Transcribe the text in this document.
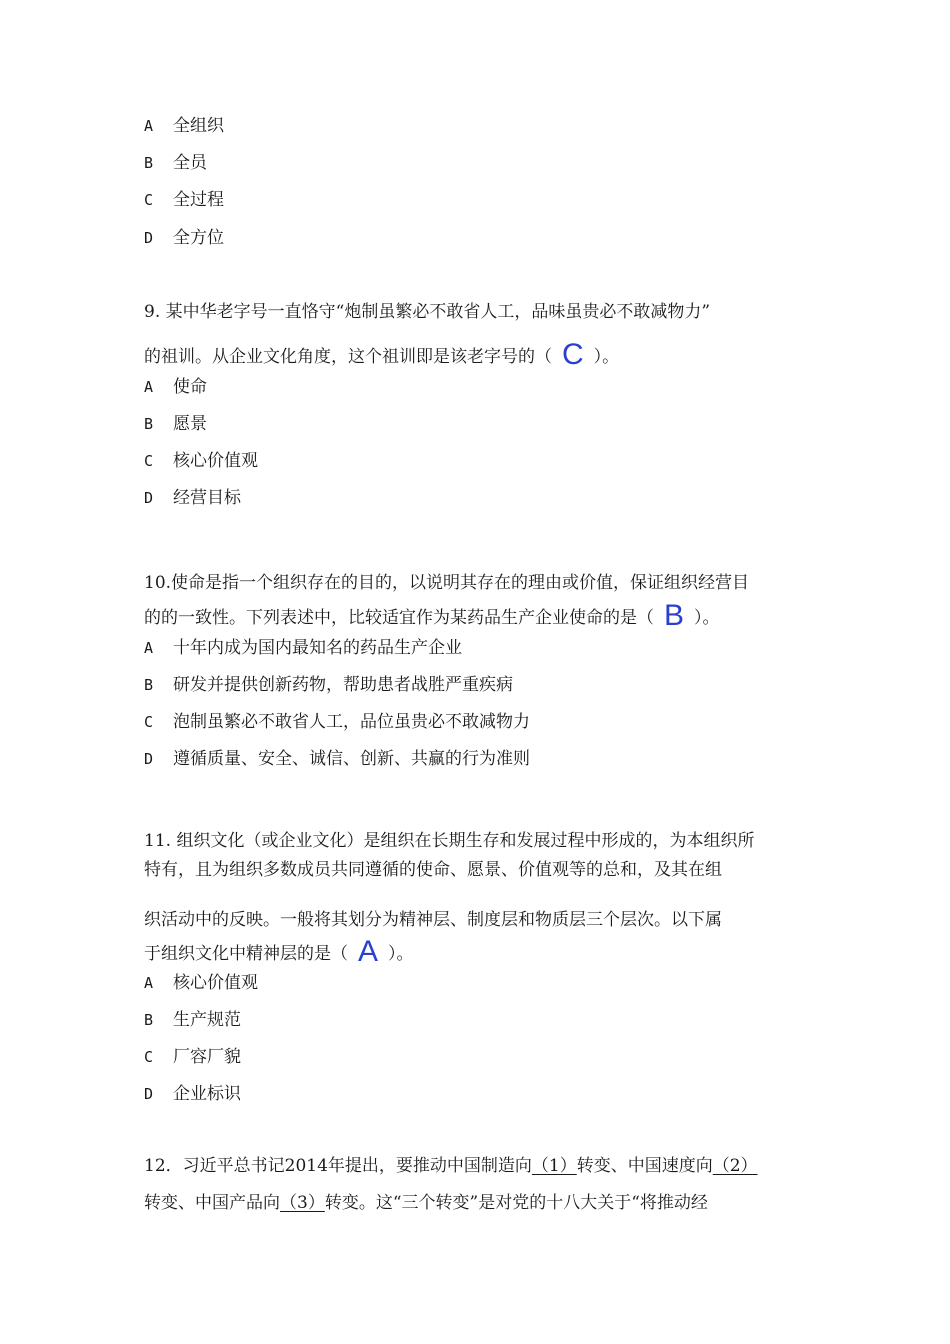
A 全组织
B 全员
C 全过程
D 全方位
9. 某中华老字号一直恪守“炮制虽繁必不敢省人工，品味虽贵必不敢减物力”
的祖训。从企业文化角度，这个祖训即是该老字号的（ C ）。
A 使命
B 愿景
C 核心价值观
D 经营目标
10.使命是指一个组织存在的目的，以说明其存在的理由或价值，保证组织经营目
的的一致性。下列表述中，比较适宜作为某药品生产企业使命的是（ B ）。
A 十年内成为国内最知名的药品生产企业
B 研发并提供创新药物，帮助患者战胜严重疾病
C 泡制虽繁必不敢省人工，品位虽贵必不敢减物力
D 遵循质量、安全、诚信、创新、共赢的行为准则
11. 组织文化（或企业文化）是组织在长期生存和发展过程中形成的，为本组织所
特有，且为组织多数成员共同遵循的使命、愿景、价值观等的总和，及其在组
织活动中的反映。一般将其划分为精神层、制度层和物质层三个层次。以下属
于组织文化中精神层的是（ A ）。
A 核心价值观
B 生产规范
C 厂容厂貌
D 企业标识
12．习近平总书记2014年提出，要推动中国制造向（1）转变、中国速度向（2）
转变、中国产品向（3）转变。这“三个转变”是对党的十八大关于“将推动经
